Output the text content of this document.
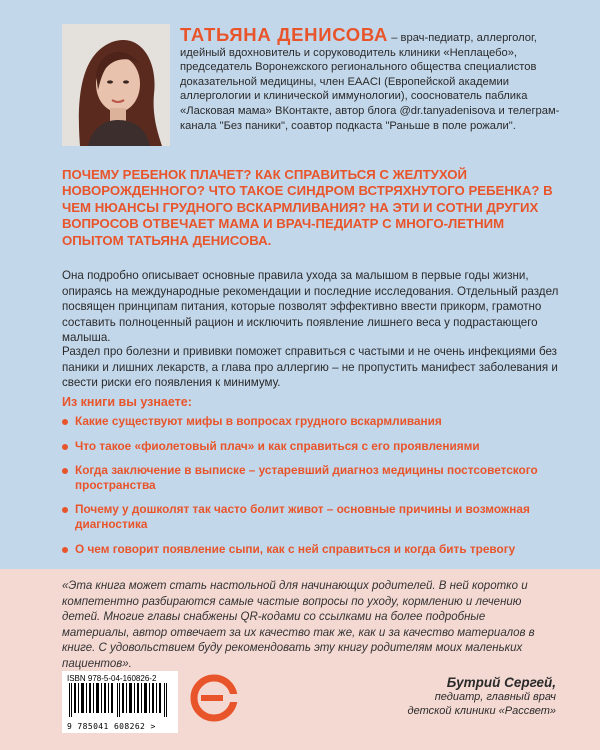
ТАТЬЯНА ДЕНИСОВА – врач-педиатр, аллерголог, идейный вдохновитель и соруководитель клиники «Неплацебо», председатель Воронежского регионального общества специалистов доказательной медицины, член EAACI (Европейской академии аллергологии и клинической иммунологии), сооснователь паблика «Ласковая мама» ВКонтакте, автор блога @dr.tanyadenisova и телеграм-канала "Без паники", соавтор подкаста "Раньше в поле рожали".
ПОЧЕМУ РЕБЕНОК ПЛАЧЕТ? КАК СПРАВИТЬСЯ С ЖЕЛТУХОЙ НОВОРОЖДЕННОГО? ЧТО ТАКОЕ СИНДРОМ ВСТРЯХНУТОГО РЕБЕНКА? В ЧЕМ НЮАНСЫ ГРУДНОГО ВСКАРМЛИВАНИЯ? НА ЭТИ И СОТНИ ДРУГИХ ВОПРОСОВ ОТВЕЧАЕТ МАМА И ВРАЧ-ПЕДИАТР С МНОГО-ЛЕТНИМ ОПЫТОМ ТАТЬЯНА ДЕНИСОВА.
Она подробно описывает основные правила ухода за малышом в первые годы жизни, опираясь на международные рекомендации и последние исследования. Отдельный раздел посвящен принципам питания, которые позволят эффективно ввести прикорм, грамотно составить полноценный рацион и исключить появление лишнего веса у подрастающего малыша.
Раздел про болезни и прививки поможет справиться с частыми и не очень инфекциями без паники и лишних лекарств, а глава про аллергию – не пропустить манифест заболевания и свести риски его появления к минимуму.
Из книги вы узнаете:
Какие существуют мифы в вопросах грудного вскармливания
Что такое «фиолетовый плач» и как справиться с его проявлениями
Когда заключение в выписке – устаревший диагноз медицины постсоветского пространства
Почему у дошколят так часто болит живот – основные причины и возможная диагностика
О чем говорит появление сыпи, как с ней справиться и когда бить тревогу
«Эта книга может стать настольной для начинающих родителей. В ней коротко и компетентно разбираются самые частые вопросы по уходу, кормлению и лечению детей. Многие главы снабжены QR-кодами со ссылками на более подробные материалы, автор отвечает за их качество так же, как и за качество материалов в книге. С удовольствием буду рекомендовать эту книгу родителям моих маленьких пациентов».
ISBN 978-5-04-160826-2
9 785041 608262 >
Бутрий Сергей,
педиатр, главный врач
детской клиники «Рассвет»
